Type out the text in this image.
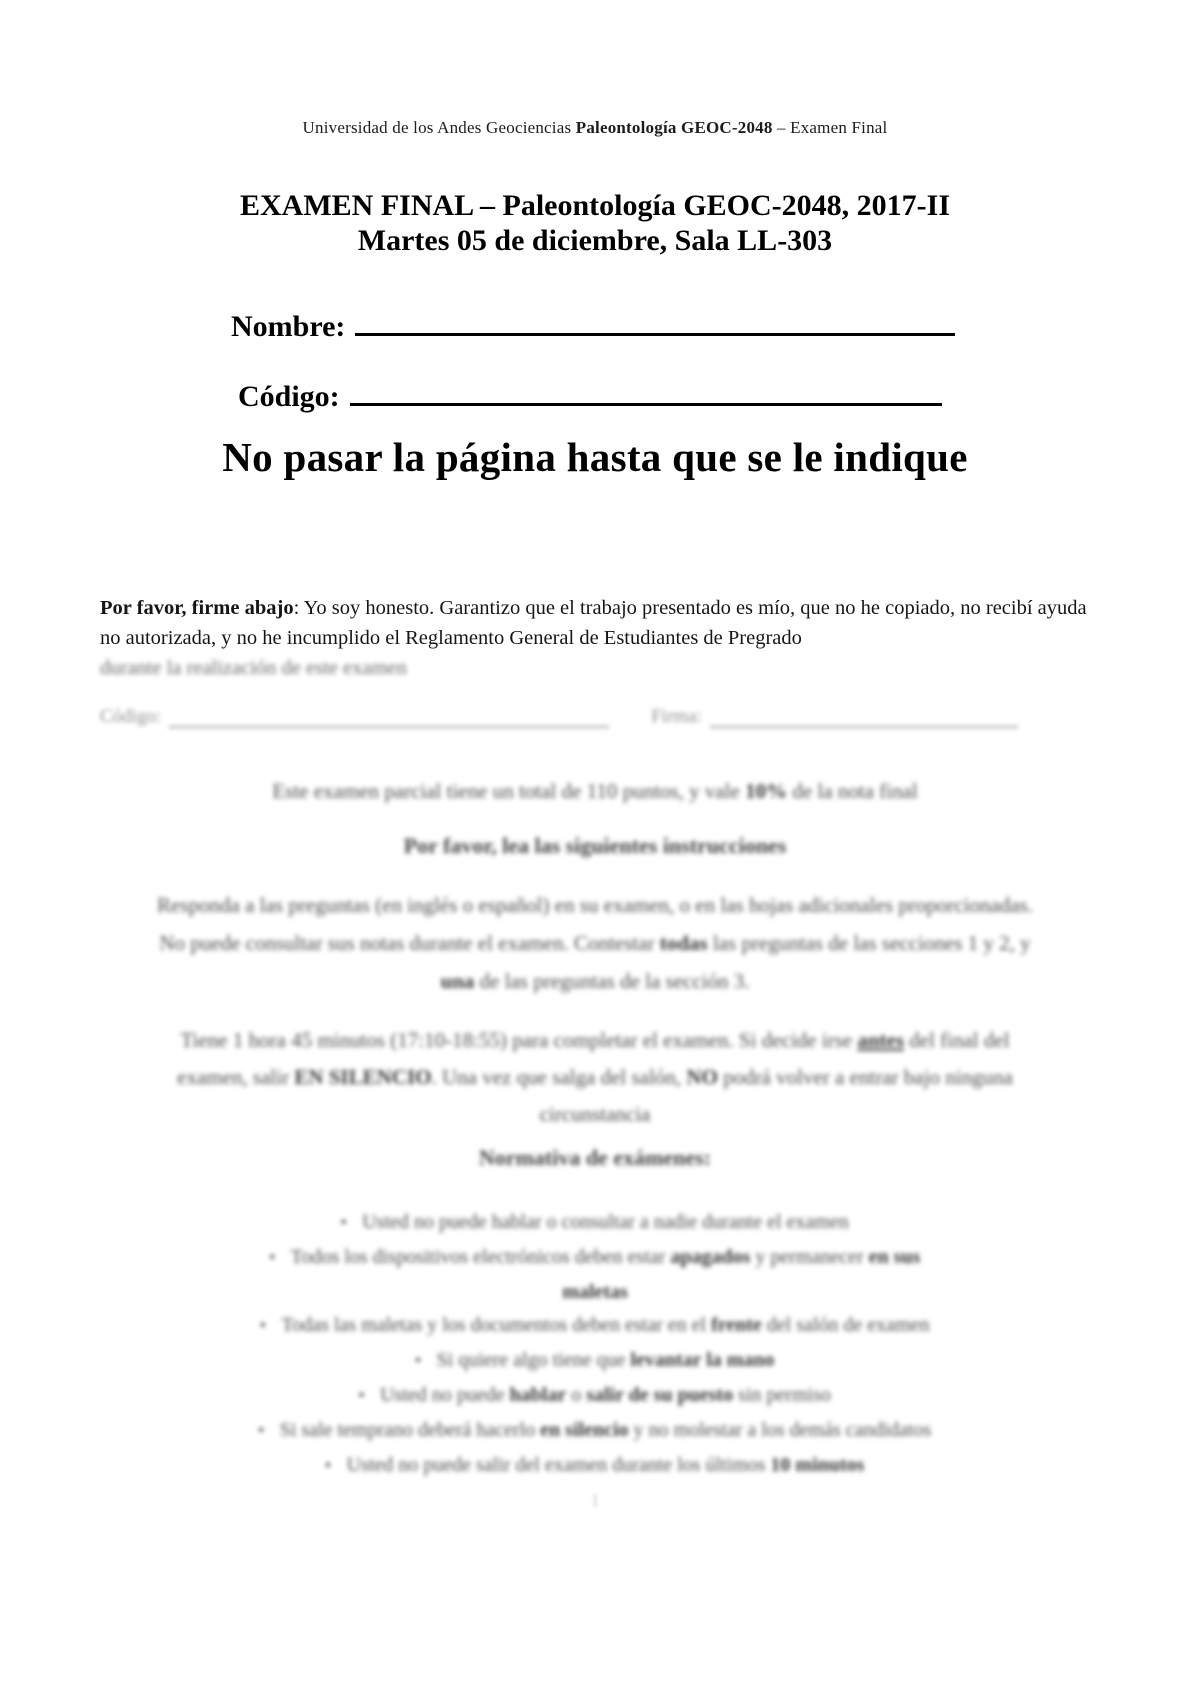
Universidad de los Andes Geociencias Paleontología GEOC-2048 – Examen Final
EXAMEN FINAL – Paleontología GEOC-2048, 2017-II
Martes 05 de diciembre, Sala LL-303
Nombre:
Código:
No pasar la página hasta que se le indique

Por favor, firme abajo: Yo soy honesto. Garantizo que el trabajo presentado es mío, que no he copiado, no recibí ayuda no autorizada, y no he incumplido el Reglamento General de Estudiantes de Pregrado
durante la realización de este examen

Código:	Firma:
Este examen parcial tiene un total de 110 puntos, y vale 10% de la nota final
Por favor, lea las siguientes instrucciones

Responda a las preguntas (en inglés o español) en su examen, o en las hojas adicionales proporcionadas. No puede consultar sus notas durante el examen. Contestar todas las preguntas de las secciones 1 y 2, y una de las preguntas de la sección 3.

Tiene 1 hora 45 minutos (17:10-18:55) para completar el examen. Si decide irse antes del final del examen, salir EN SILENCIO. Una vez que salga del salón, NO podrá volver a entrar bajo ninguna circunstancia

Normativa de exámenes:
▪ Usted no puede hablar o consultar a nadie durante el examen
▪ Todos los dispositivos electrónicos deben estar apagados y permanecer en sus
maletas
▪ Todas las maletas y los documentos deben estar en el frente del salón de examen
▪ Si quiere algo tiene que levantar la mano
▪ Usted no puede hablar o salir de su puesto sin permiso
▪ Si sale temprano deberá hacerlo en silencio y no molestar a los demás candidatos
▪ Usted no puede salir del examen durante los últimos 10 minutos
1
